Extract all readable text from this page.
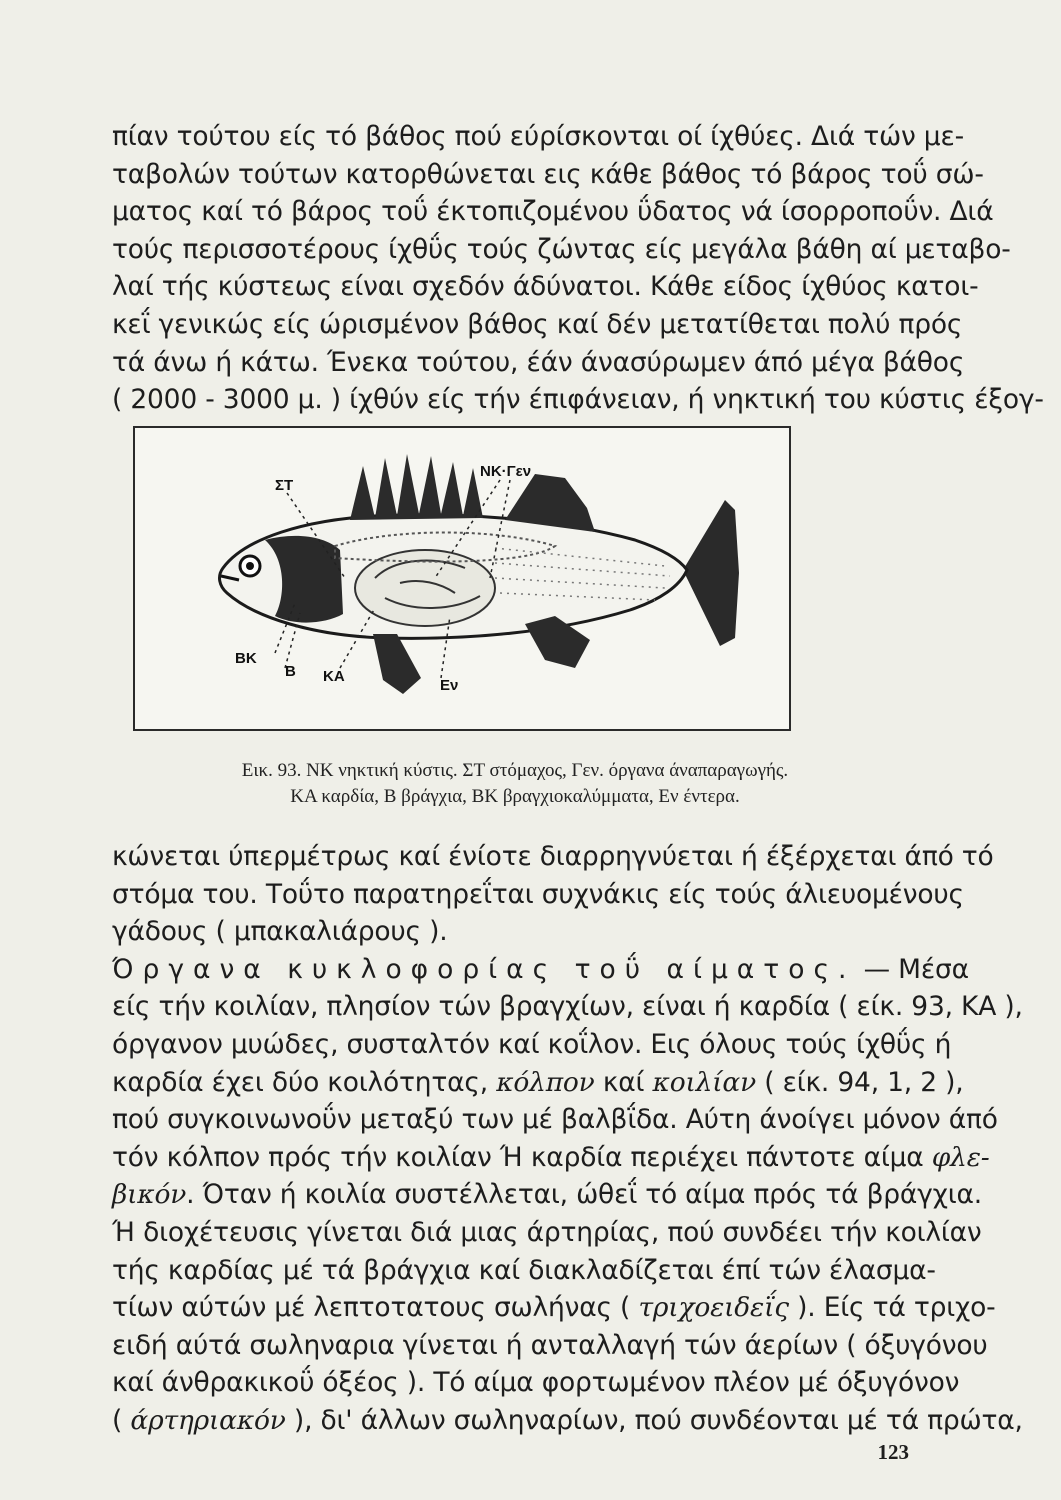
πίαν τούτου είς τό βάθος πού εύρίσκονται οί ίχθύες. Διά τών με-
ταβολών τούτων κατορθώνεται εις κάθε βάθος τό βάρος τοΰ σώ-
ματος καί τό βάρος τοΰ έκτοπιζομένου ΰδατος νά ίσορροποΰν. Διά
τούς περισσοτέρους ίχθΰς τούς ζώντας είς μεγάλα βάθη αί μεταβο-
λαί τής κύστεως είναι σχεδόν άδύνατοι. Κάθε είδος ίχθύος κατοι-
κεΐ γενικώς είς ώρισμένον βάθος καί δέν μετατίθεται πολύ πρός
τά άνω ή κάτω. Ένεκα τούτου, έάν άνασύρωμεν άπό μέγα βάθος
( 2000 - 3000 μ. ) ίχθύν είς τήν έπιφάνειαν, ή νηκτική του κύστις έξογ-
ΝΚ·Γεν
ΣΤ
ΒΚ
Β ΚΑ
Εν
Εικ. 93. ΝΚ νηκτική κύστις. ΣΤ στόμαχος, Γεν. όργανα άναπαραγωγής.
ΚΑ καρδία, Β βράγχια, ΒΚ βραγχιοκαλύμματα, Εν έντερα.
κώνεται ύπερμέτρως καί ένίοτε διαρρηγνύεται ή έξέρχεται άπό τό
στόμα του. Τοΰτο παρατηρεΐται συχνάκις είς τούς άλιευομένους
γάδους ( μπακαλιάρους ).
Όργανα κυκλοφορίας τοΰ αίματος. — Μέσα
είς τήν κοιλίαν, πλησίον τών βραγχίων, είναι ή καρδία ( είκ. 93, ΚΑ ),
όργανον μυώδες, συσταλτόν καί κοΐλον. Εις όλους τούς ίχθΰς ή
καρδία έχει δύο κοιλότητας, κόλπον καί κοιλίαν ( είκ. 94, 1, 2 ),
πού συγκοινωνοΰν μεταξύ των μέ βαλβΐδα. Αύτη άνοίγει μόνον άπό
τόν κόλπον πρός τήν κοιλίαν Ή καρδία περιέχει πάντοτε αίμα φλε-
βικόν. Όταν ή κοιλία συστέλλεται, ώθεΐ τό αίμα πρός τά βράγχια.
Ή διοχέτευσις γίνεται διά μιας άρτηρίας, πού συνδέει τήν κοιλίαν
τής καρδίας μέ τά βράγχια καί διακλαδίζεται έπί τών έλασμα-
τίων αύτών μέ λεπτοτατους σωλήνας ( τριχοειδεΐς ). Είς τά τριχο-
ειδή αύτά σωληναρια γίνεται ή ανταλλαγή τών άερίων ( όξυγόνου
καί άνθρακικοΰ όξέος ). Τό αίμα φορτωμένον πλέον μέ όξυγόνον
( άρτηριακόν ), δι' άλλων σωληναρίων, πού συνδέονται μέ τά πρώτα,
123
